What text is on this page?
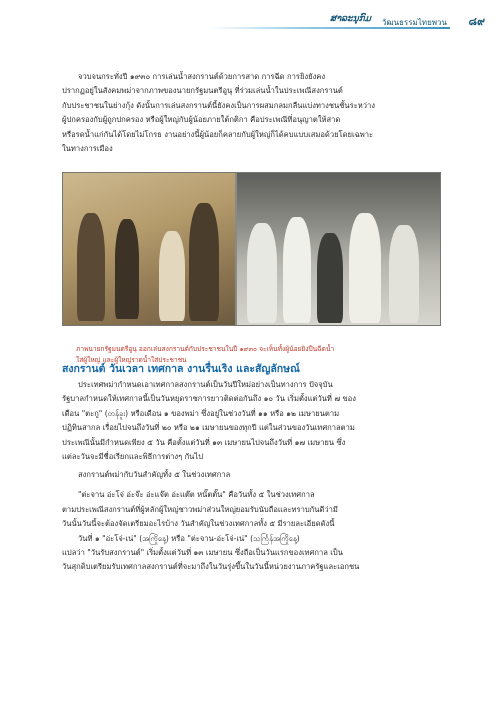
ສາລະນຸກົມ วัฒนธรรมไทยพวน ๘๙
จวบจนกระทั่งปี ๑๙๓๐ การเล่นน้ำสงกรานต์ด้วยการสาด การฉีด การยิงยังคง
ปรากฏอยู่ในสังคมพม่าจากภาพของนายกรัฐมนตรีอูนุ ที่ร่วมเล่นน้ำในประเพณีสงกรานต์
กับประชาชนในย่างกุ้ง ดังนั้นการเล่นสงกรานต์นี้ยังคงเป็นการผสมกลมกลืนแบ่งทางชนชั้นระหว่าง
ผู้ปกครองกับผู้ถูกปกครอง หรือผู้ใหญ่กับผู้น้อยภายใต้กติกา คือประเพณีที่อนุญาตให้สาด
หรือรดน้ำแก่กันได้โดยไม่โกรธ งานอย่างนี้ผู้น้อยก็คลายกับผู้ใหญ่ก็ได้คบแบบเสมอด้วยโดยเฉพาะ
ในทางการเมือง
ภาพนายกรัฐมนตรีอูนุ ออกเล่นสงกรานต์กับประชาชนในปี ๑๙๓๐ จะเห็นทั้งผู้น้อยยิงปืนฉีดน้ำ
ใส่ผู้ใหญ่ และผู้ใหญ่ราดน้ำใส่ประชาชน
สงกรานต์ วันเวลา เทศกาล งานรื่นเริง และสัญลักษณ์
ประเทศพม่ากำหนดเอาเทศกาลสงกรานต์เป็นวันปีใหม่อย่างเป็นทางการ ปัจจุบัน
รัฐบาลกำหนดให้เทศกาลนี้เป็นวันหยุดราชการยาวติดต่อกันถึง ๑๐ วัน เริ่มตั้งแต่วันที่ ๗ ของ
เดือน "ตะกู" (တန်ခူး) หรือเดือน ๑ ของพม่า ซึ่งอยู่ในช่วงวันที่ ๑๑ หรือ ๑๒ เมษายนตาม
ปฏิทินสากล เรื่อยไปจนถึงวันที่ ๒๐ หรือ ๒๑ เมษายนของทุกปี แต่ในส่วนของวันเทศกาลตาม
ประเพณีนั้นมีกำหนดเพียง ๕ วัน คือตั้งแต่วันที่ ๑๓ เมษายนไปจนถึงวันที่ ๑๗ เมษายน ซึ่ง
แต่ละวันจะมีชื่อเรียกและพิธีการต่างๆ กันไป
สงกรานต์พม่ากับวันสำคัญทั้ง ๕ ในช่วงเทศกาล
"ต่ะจาน อ่ะโจ่ อ่ะจ๊ะ อ่ะแจ๊ต อ่ะแต๊ต หนั๊ตตั๊น" คือวันทั้ง ๕ ในช่วงเทศกาล
ตามประเพณีสงกรานต์ที่ผู้หลักผู้ใหญ่ชาวพม่าส่วนใหญ่ยอมรับนับถือและทราบกันดีว่ามี
วันนั้นวันนี้จะต้องจัดเตรียมอะไรบ้าง วันสำคัญในช่วงเทศกาลทั้ง ๕ มีรายละเอียดดังนี้
วันที่ ๑ "อ่ะโจ่-เน่" (အကြိုနေ့) หรือ "ต่ะจาน-อ่ะโจ่-เน่" (သင်္ကြန်အကြိုနေ့)
แปลว่า "วันรับสงกรานต์" เริ่มตั้งแต่วันที่ ๑๓ เมษายน ซึ่งถือเป็นวันแรกของเทศกาล เป็น
วันสุกดิบเตรียมรับเทศกาลสงกรานต์ที่จะมาถึงในวันรุ่งขึ้นในวันนี้หน่วยงานภาครัฐและเอกชน
